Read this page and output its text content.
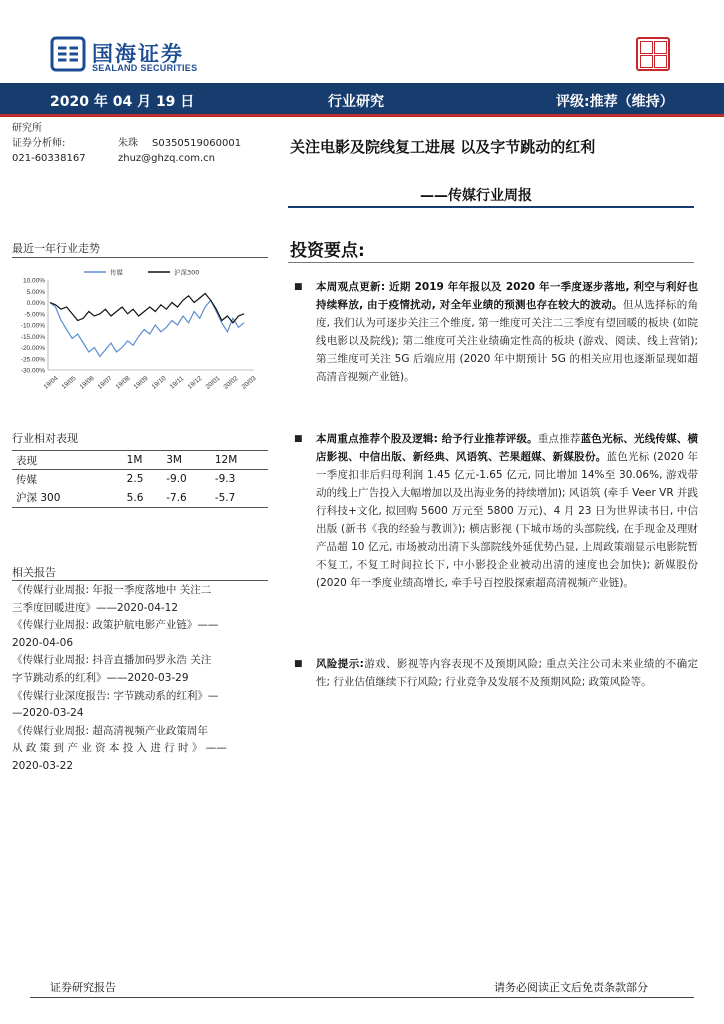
国海证券
SEALAND SECURITIES
2020 年 04 月 19 日	行业研究	评级:推荐（维持）
研究所
证券分析师:	朱珠 S0350519060001
021-60338167	zhuz@ghzq.com.cn
关注电影及院线复工进展 以及字节跳动的红利
——传媒行业周报
最近一年行业走势
10.00%
5.00%
0.00%
-5.00%
-10.00%
-15.00%
-20.00%
-25.00%
-30.00%
19/04 19/05 19/06 19/07 19/08 19/09 19/10 19/11 19/12 20/01 20/02 20/03
传媒	沪深300
行业相对表现
表现	1M	3M	12M
传媒	2.5	-9.0	-9.3
沪深 300	5.6	-7.6	-5.7
相关报告
《传媒行业周报: 年报一季度落地中 关注二
三季度回暖进度》——2020-04-12
《传媒行业周报: 政策护航电影产业链》——
2020-04-06
《传媒行业周报: 抖音直播加码罗永浩 关注
字节跳动系的红利》——2020-03-29
《传媒行业深度报告: 字节跳动系的红利》—
—2020-03-24
《传媒行业周报: 超高清视频产业政策周年
从 政 策 到 产 业 资 本 投 入 进 行 时 》 ——
2020-03-22
投资要点:
■ 本周观点更新: 近期 2019 年年报以及 2020 年一季度逐步落地, 利空与利好也持续释放, 由于疫情扰动, 对全年业绩的预测也存在较大的波动。但从选择标的角度, 我们认为可逐步关注三个维度, 第一维度可关注二三季度有望回暖的板块 (如院线电影以及院线); 第二维度可关注业绩确定性高的板块 (游戏、阅读、线上营销); 第三维度可关注 5G 后端应用 (2020 年中期预计 5G 的相关应用也逐渐显现如超高清音视频产业链)。
■ 本周重点推荐个股及逻辑: 给予行业推荐评级。重点推荐蓝色光标、光线传媒、横店影视、中信出版、新经典、风语筑、芒果超媒、新媒股份。蓝色光标 (2020 年一季度扣非后归母利润 1.45 亿元-1.65 亿元, 同比增加 14%至 30.06%, 游戏带动的线上广告投入大幅增加以及出海业务的持续增加); 风语筑 (牵手 Veer VR 并践行科技+文化, 拟回购 5600 万元至 5800 万元)、4 月 23 日为世界读书日, 中信出版 (新书《我的经验与教训》); 横店影视 (下城市场的头部院线, 在手现金及理财产品超 10 亿元, 市场被动出清下头部院线外延优势凸显, 上周政策端显示电影院暂不复工, 不复工时间拉长下, 中小影投企业被动出清的速度也会加快); 新媒股份 (2020 年一季度业绩高增长, 牵手号百控股探索超高清视频产业链)。
■ 风险提示:游戏、影视等内容表现不及预期风险; 重点关注公司未来业绩的不确定性; 行业估值继续下行风险; 行业竞争及发展不及预期风险; 政策风险等。
证券研究报告	请务必阅读正文后免责条款部分
